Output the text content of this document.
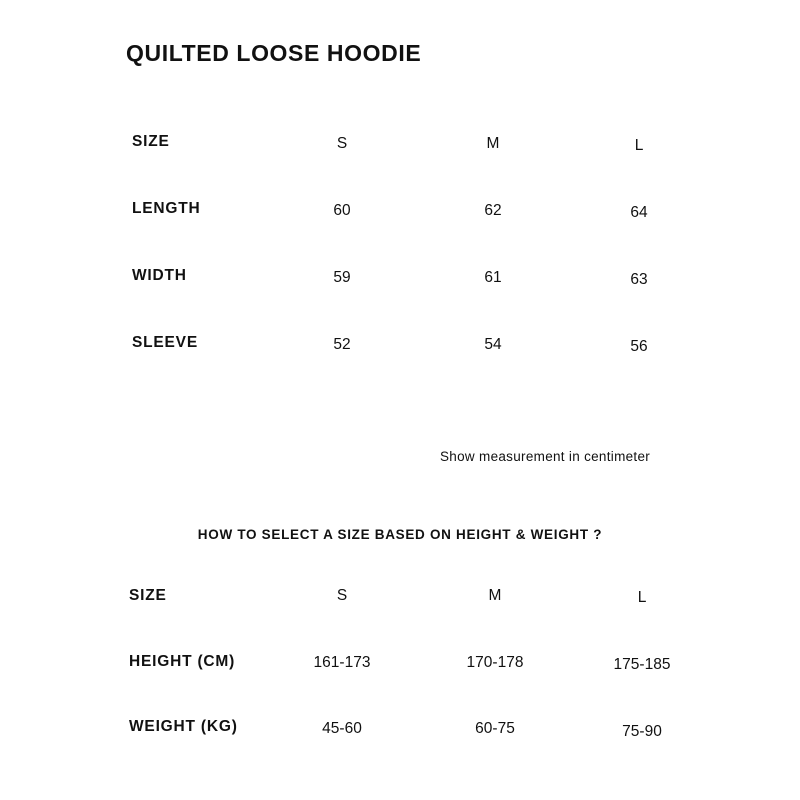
QUILTED LOOSE HOODIE
SIZE	S	M	L
LENGTH	60	62	64
WIDTH	59	61	63
SLEEVE	52	54	56
Show measurement in centimeter
HOW TO SELECT A SIZE BASED ON HEIGHT & WEIGHT ?
SIZE	S	M	L
HEIGHT (CM)	161-173	170-178	175-185
WEIGHT (KG)	45-60	60-75	75-90
